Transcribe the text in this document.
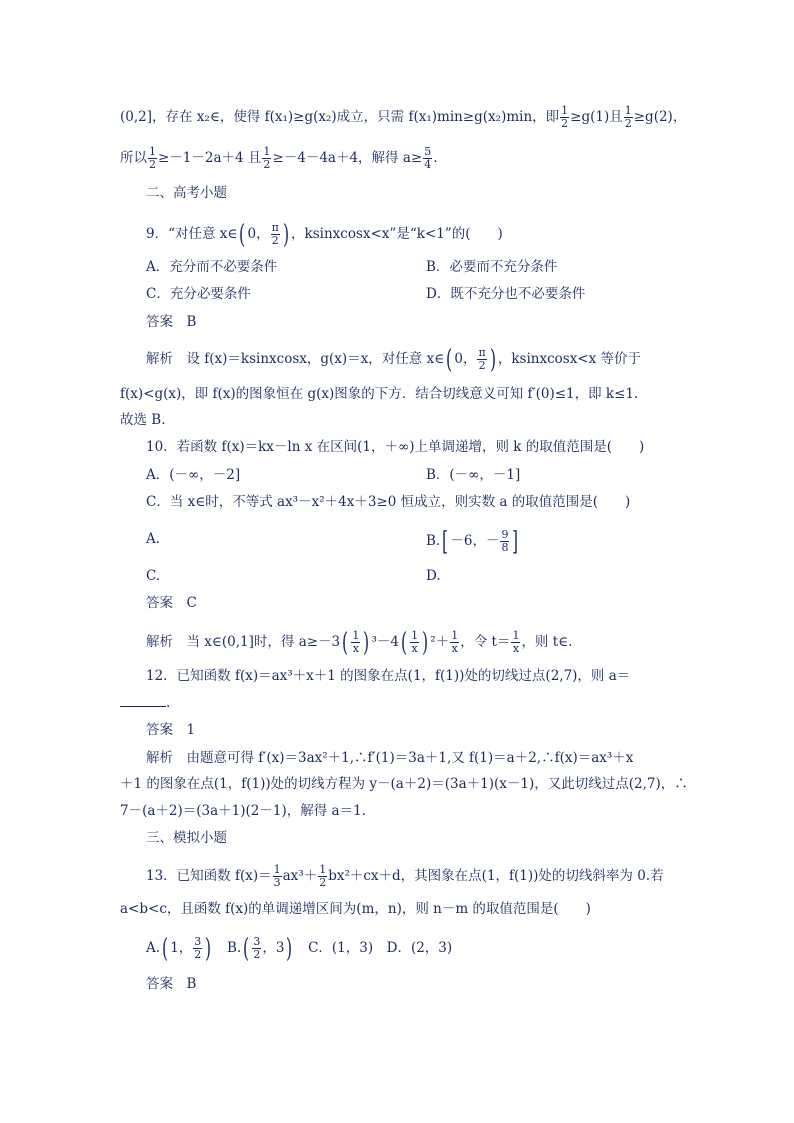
(0,2]，存在 x₂∈，使得 f(x₁)≥g(x₂)成立，只需 f(x₁)min≥g(x₂)min，即 $\frac{1}{2} \ge g(1)$且 $\frac{1}{2} \ge g(2)$，
所以 $\frac{1}{2} \ge-1-2a+4$ 且 $\frac{1}{2} \ge-4-4a+4$，解得 $a\ge \frac{5}{4}$ .
二、高考小题
9．“对任意 x∈( 0， $\frac{\pi}{2}$ ) ，ksinxcosx<x”是“k<1”的(　　)
A．充分而不必要条件	B．必要而不充分条件
C．充分必要条件	D．既不充分也不必要条件
答案　B
解析　设 f(x)＝ksinxcosx，g(x)＝x，对任意 x∈( 0， $\frac{\pi}{2}$ ) ，ksinxcosx<x 等价于
f(x)<g(x)，即 f(x)的图象恒在 g(x)图象的下方．结合切线意义可知 f′(0)≤1，即 k≤1.
故选 B.
10．若函数 f(x)＝kx－ln x 在区间(1，＋∞)上单调递增，则 k 的取值范围是(　　)
A．(－∞，－2]	B．(－∞，－1]
C．当 x∈时，不等式 ax³－x²＋4x＋3≥0 恒成立，则实数 a 的取值范围是(　　)
A.	B.[ －6，－ $\frac{9}{8}$ ]
C.	D.
答案　C
解析　当 x∈(0,1]时，得 $a\ge-3( \frac{1}{x}$ ) $^3-4( \frac{1}{x}$ ) $^2+ \frac{1}{x}$ ，令 $t= \frac{1}{x}$ ，则 t∈.
12．已知函数 f(x)＝ax³＋x＋1 的图象在点(1，f(1))处的切线过点(2,7)，则 a＝
.
答案　1
解析　由题意可得 f′(x)＝3ax²＋1,∴f′(1)＝3a＋1,又 f(1)＝a＋2,∴f(x)＝ax³＋x
＋1 的图象在点(1，f(1))处的切线方程为 y－(a＋2)＝(3a＋1)(x－1)，又此切线过点(2,7)，∴
7－(a＋2)＝(3a＋1)(2－1)，解得 a＝1.
三、模拟小题
13．已知函数 $f(x)= \frac{1}{3} ax^3+ \frac{1}{2} bx^2+cx+d$，其图象在点(1，f(1))处的切线斜率为 0.若
a<b<c，且函数 f(x)的单调递增区间为(m，n)，则 n－m 的取值范围是(　　)
A.( 1， $\frac{3}{2}$ )  $B.( \frac{3}{2}$ ，3)  C．(1，3)　D．(2，3)
答案　B
